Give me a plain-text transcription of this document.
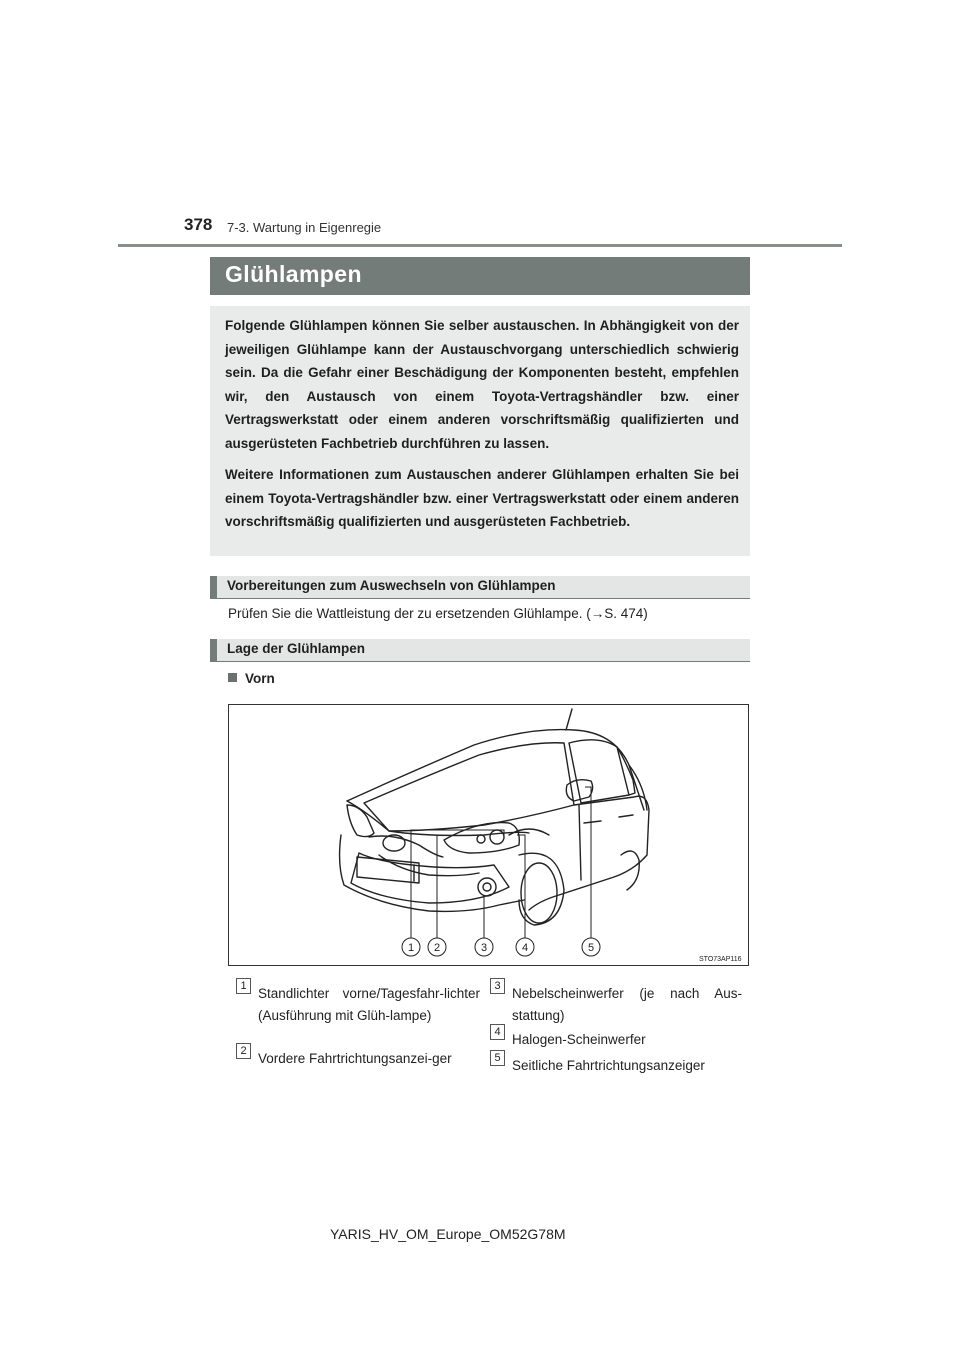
378 7-3. Wartung in Eigenregie
Glühlampen

Folgende Glühlampen können Sie selber austauschen. In Abhängigkeit von der jeweiligen Glühlampe kann der Austauschvorgang unterschiedlich schwierig sein. Da die Gefahr einer Beschädigung der Komponenten besteht, empfehlen wir, den Austausch von einem Toyota-Vertragshändler bzw. einer Vertragswerkstatt oder einem anderen vorschriftsmäßig qualifizierten und ausgerüsteten Fachbetrieb durchführen zu lassen.

Weitere Informationen zum Austauschen anderer Glühlampen erhalten Sie bei einem Toyota-Vertragshändler bzw. einer Vertragswerkstatt oder einem anderen vorschriftsmäßig qualifizierten und ausgerüsteten Fachbetrieb.

Vorbereitungen zum Auswechseln von Glühlampen
Prüfen Sie die Wattleistung der zu ersetzenden Glühlampe. (→S. 474)
Lage der Glühlampen
Vorn
1 2	3	4	5
STO73AP116
1 Standlichter vorne/Tagesfahr-lichter (Ausführung mit Glüh-lampe)
2 Vordere Fahrtrichtungsanzei-ger
3 Nebelscheinwerfer (je nach Aus-stattung)
4 Halogen-Scheinwerfer
5 Seitliche Fahrtrichtungsanzeiger
YARIS_HV_OM_Europe_OM52G78M
